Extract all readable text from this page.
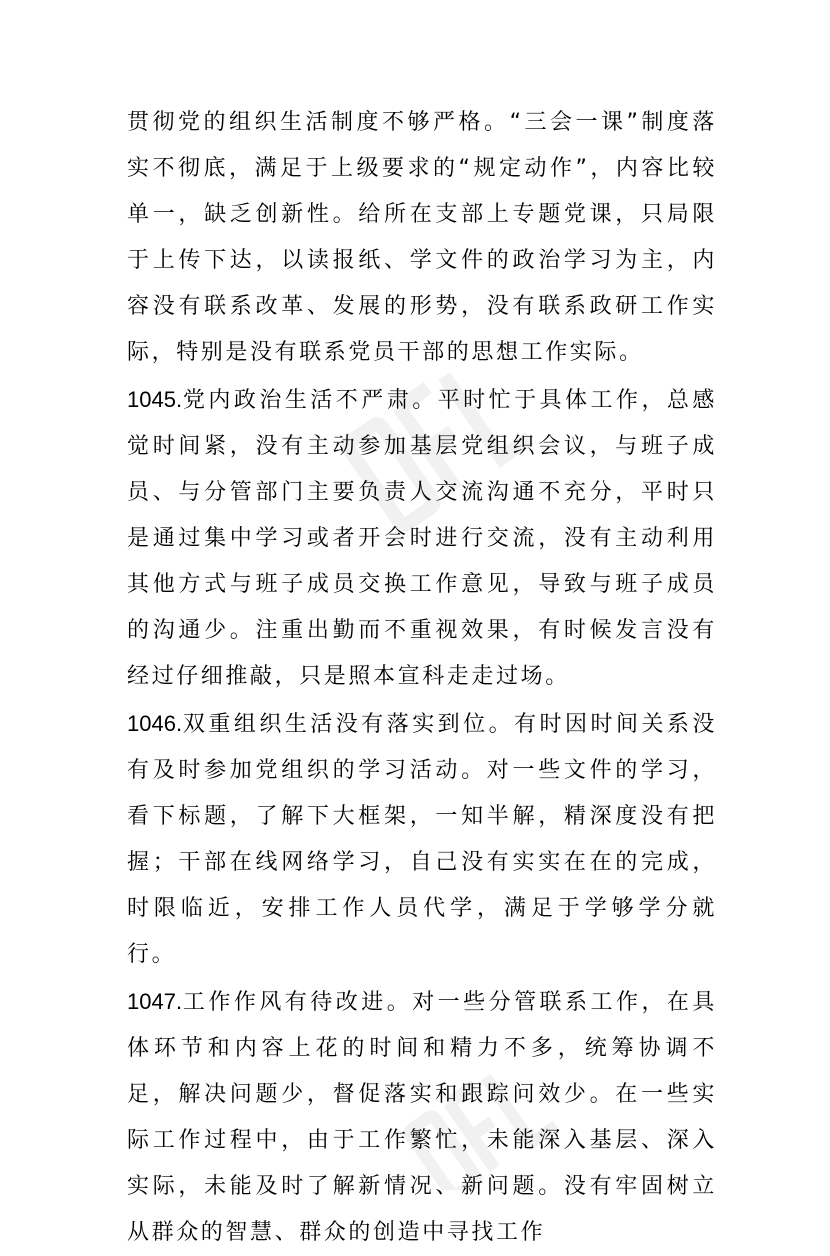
贯彻党的组织生活制度不够严格。“三会一课”制度落实不彻底，满足于上级要求的“规定动作”，内容比较单一，缺乏创新性。给所在支部上专题党课，只局限于上传下达，以读报纸、学文件的政治学习为主，内容没有联系改革、发展的形势，没有联系政研工作实际，特别是没有联系党员干部的思想工作实际。

1045.党内政治生活不严肃。平时忙于具体工作，总感觉时间紧，没有主动参加基层党组织会议，与班子成员、与分管部门主要负责人交流沟通不充分，平时只是通过集中学习或者开会时进行交流，没有主动利用其他方式与班子成员交换工作意见，导致与班子成员的沟通少。注重出勤而不重视效果，有时候发言没有经过仔细推敲，只是照本宣科走走过场。

1046.双重组织生活没有落实到位。有时因时间关系没有及时参加党组织的学习活动。对一些文件的学习，看下标题，了解下大框架，一知半解，精深度没有把握；干部在线网络学习，自己没有实实在在的完成，时限临近，安排工作人员代学，满足于学够学分就行。

1047.工作作风有待改进。对一些分管联系工作，在具体环节和内容上花的时间和精力不多，统筹协调不足，解决问题少，督促落实和跟踪问效少。在一些实际工作过程中，由于工作繁忙，未能深入基层、深入实际，未能及时了解新情况、新问题。没有牢固树立从群众的智慧、群众的创造中寻找工作
